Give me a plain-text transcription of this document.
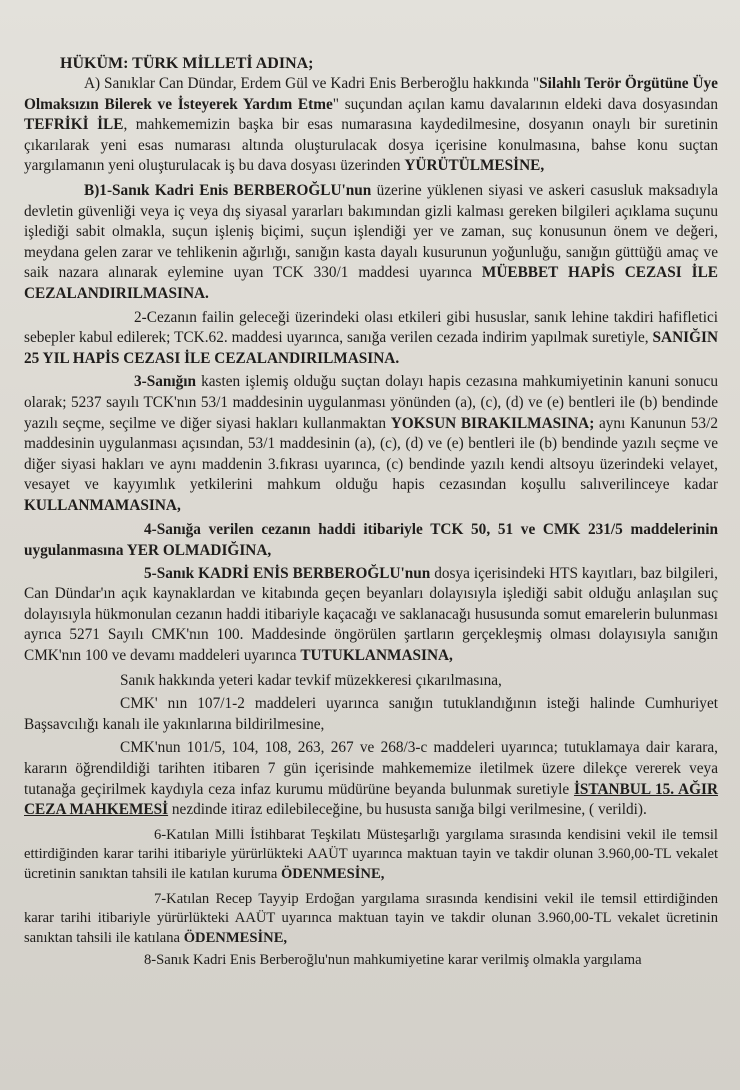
HÜKÜM: TÜRK MİLLETİ ADINA;

A) Sanıklar Can Dündar, Erdem Gül ve Kadri Enis Berberoğlu hakkında "Silahlı Terör Örgütüne Üye Olmaksızın Bilerek ve İsteyerek Yardım Etme" suçundan açılan kamu davalarının eldeki dava dosyasından TEFRİKİ İLE, mahkememizin başka bir esas numarasına kaydedilmesine, dosyanın onaylı bir suretinin çıkarılarak yeni esas numarası altında oluşturulacak dosya içerisine konulmasına, bahse konu suçtan yargılamanın yeni oluşturulacak iş bu dava dosyası üzerinden YÜRÜTÜLMESİNE,

B)1-Sanık Kadri Enis BERBEROĞLU'nun üzerine yüklenen siyasi ve askeri casusluk maksadıyla devletin güvenliği veya iç veya dış siyasal yararları bakımından gizli kalması gereken bilgileri açıklama suçunu işlediği sabit olmakla, suçun işleniş biçimi, suçun işlendiği yer ve zaman, suç konusunun önem ve değeri, meydana gelen zarar ve tehlikenin ağırlığı, sanığın kasta dayalı kusurunun yoğunluğu, sanığın güttüğü amaç ve saik nazara alınarak eylemine uyan TCK 330/1 maddesi uyarınca MÜEBBET HAPİS CEZASI İLE CEZALANDIRILMASINA.

2-Cezanın failin geleceği üzerindeki olası etkileri gibi hususlar, sanık lehine takdiri hafifletici sebepler kabul edilerek; TCK.62. maddesi uyarınca, sanığa verilen cezada indirim yapılmak suretiyle, SANIĞIN 25 YIL HAPİS CEZASI İLE CEZALANDIRILMASINA.

3-Sanığın kasten işlemiş olduğu suçtan dolayı hapis cezasına mahkumiyetinin kanuni sonucu olarak; 5237 sayılı TCK'nın 53/1 maddesinin uygulanması yönünden (a), (c), (d) ve (e) bentleri ile (b) bendinde yazılı seçme, seçilme ve diğer siyasi hakları kullanmaktan YOKSUN BIRAKILMASINA; aynı Kanunun 53/2 maddesinin uygulanması açısından, 53/1 maddesinin (a), (c), (d) ve (e) bentleri ile (b) bendinde yazılı seçme ve diğer siyasi hakları ve aynı maddenin 3.fıkrası uyarınca, (c) bendinde yazılı kendi altsoyu üzerindeki velayet, vesayet ve kayyımlık yetkilerini mahkum olduğu hapis cezasından koşullu salıverilinceye kadar KULLANMAMASINA,

4-Sanığa verilen cezanın haddi itibariyle TCK 50, 51 ve CMK 231/5 maddelerinin uygulanmasına YER OLMADIĞINA,

5-Sanık KADRİ ENİS BERBEROĞLU'nun dosya içerisindeki HTS kayıtları, baz bilgileri, Can Dündar'ın açık kaynaklardan ve kitabında geçen beyanları dolayısıyla işlediği sabit olduğu anlaşılan suç dolayısıyla hükmonulan cezanın haddi itibariyle kaçacağı ve saklanacağı hususunda somut emarelerin bulunması ayrıca 5271 Sayılı CMK'nın 100. Maddesinde öngörülen şartların gerçekleşmiş olması dolayısıyla sanığın CMK'nın 100 ve devamı maddeleri uyarınca TUTUKLANMASINA,

Sanık hakkında yeteri kadar tevkif müzekkeresi çıkarılmasına,

CMK' nın 107/1-2 maddeleri uyarınca sanığın tutuklandığının isteği halinde Cumhuriyet Başsavcılığı kanalı ile yakınlarına bildirilmesine,

CMK'nun 101/5, 104, 108, 263, 267 ve 268/3-c maddeleri uyarınca; tutuklamaya dair karara, kararın öğrendildiği tarihten itibaren 7 gün içerisinde mahkememize iletilmek üzere dilekçe vererek veya tutanağa geçirilmek kaydıyla ceza infaz kurumu müdürüne beyanda bulunmak suretiyle İSTANBUL 15. AĞIR CEZA MAHKEMESİ nezdinde itiraz edilebileceğine, bu hususta sanığa bilgi verilmesine, ( verildi).

6-Katılan Milli İstihbarat Teşkilatı Müsteşarlığı yargılama sırasında kendisini vekil ile temsil ettirdiğinden karar tarihi itibariyle yürürlükteki AAÜT uyarınca maktuan tayin ve takdir olunan 3.960,00-TL vekalet ücretinin sanıktan tahsili ile katılan kuruma ÖDENMESİNE,

7-Katılan Recep Tayyip Erdoğan yargılama sırasında kendisini vekil ile temsil ettirdiğinden karar tarihi itibariyle yürürlükteki AAÜT uyarınca maktuan tayin ve takdir olunan 3.960,00-TL vekalet ücretinin sanıktan tahsili ile katılana ÖDENMESİNE,

8-Sanık Kadri Enis Berberoğlu'nun mahkumiyetine karar verilmiş olmakla yargılama
